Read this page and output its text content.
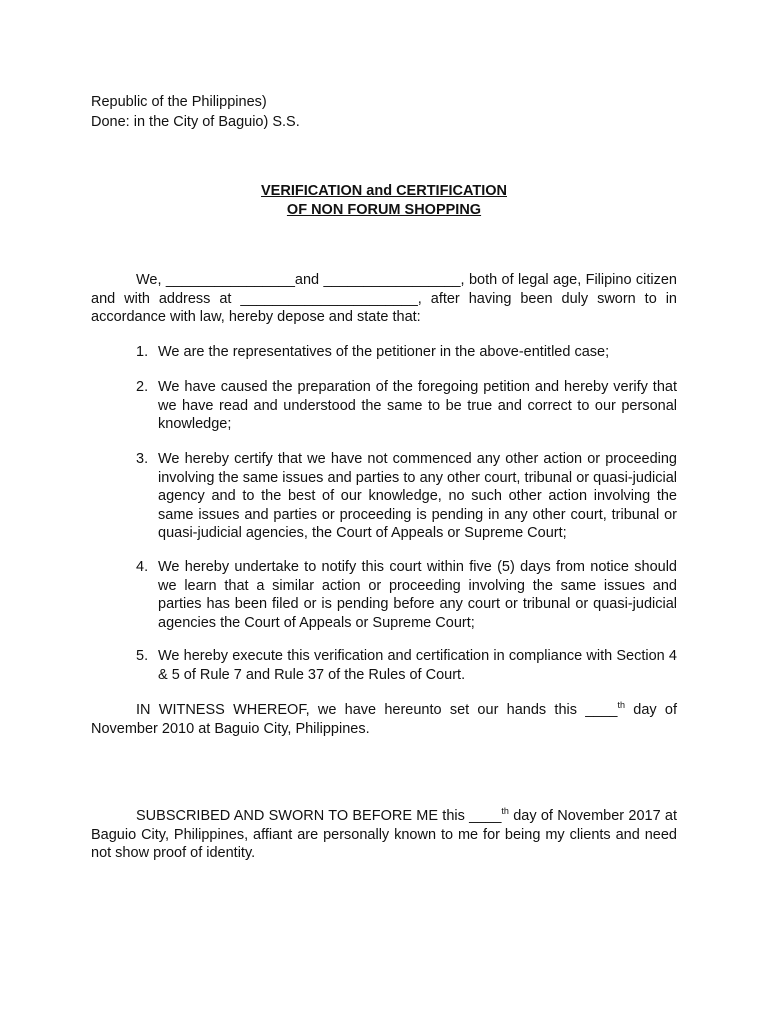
Republic of the Philippines)
Done: in the City of Baguio) S.S.
VERIFICATION and CERTIFICATION
OF NON FORUM SHOPPING

We, ________________and _________________, both of legal age, Filipino citizen and with address at ______________________, after having been duly sworn to in accordance with law, hereby depose and state that:

1. We are the representatives of the petitioner in the above-entitled case;
2. We have caused the preparation of the foregoing petition and hereby verify that we have read and understood the same to be true and correct to our personal knowledge;
3. We hereby certify that we have not commenced any other action or proceeding involving the same issues and parties to any other court, tribunal or quasi-judicial agency and to the best of our knowledge, no such other action involving the same issues and parties or proceeding is pending in any other court, tribunal or quasi-judicial agencies, the Court of Appeals or Supreme Court;
4. We hereby undertake to notify this court within five (5) days from notice should we learn that a similar action or proceeding involving the same issues and parties has been filed or is pending before any court or tribunal or quasi-judicial agencies the Court of Appeals or Supreme Court;
5. We hereby execute this verification and certification in compliance with Section 4 & 5 of Rule 7 and Rule 37 of the Rules of Court.

IN WITNESS WHEREOF, we have hereunto set our hands this ____$^{th}$ day of November 2010 at Baguio City, Philippines.

SUBSCRIBED AND SWORN TO BEFORE ME this ____$^{th}$ day of November 2017 at Baguio City, Philippines, affiant are personally known to me for being my clients and need not show proof of identity.
